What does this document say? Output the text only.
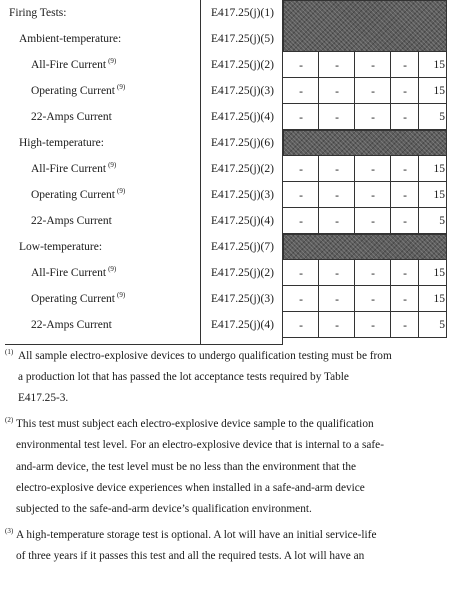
Firing Tests:	E417.25(j)(1)
Ambient-temperature:	E417.25(j)(5)
All-Fire Current $^{(9)}$	E417.25(j)(2)	-	-	-	-	15
Operating Current $^{(9)}$	E417.25(j)(3)	-	-	-	-	15
22-Amps Current	E417.25(j)(4)	-	-	-	-	5
High-temperature:	E417.25(j)(6)
All-Fire Current $^{(9)}$	E417.25(j)(2)	-	-	-	-	15
Operating Current $^{(9)}$	E417.25(j)(3)	-	-	-	-	15
22-Amps Current	E417.25(j)(4)	-	-	-	-	5
Low-temperature:	E417.25(j)(7)
All-Fire Current $^{(9)}$	E417.25(j)(2)	-	-	-	-	15
Operating Current $^{(9)}$	E417.25(j)(3)	-	-	-	-	15
22-Amps Current	E417.25(j)(4)	-	-	-	-	5
(1) All sample electro-explosive devices to undergo qualification testing must be from
a production lot that has passed the lot acceptance tests required by Table
E417.25-3.
(2) This test must subject each electro-explosive device sample to the qualification
environmental test level. For an electro-explosive device that is internal to a safe-
and-arm device, the test level must be no less than the environment that the
electro-explosive device experiences when installed in a safe-and-arm device
subjected to the safe-and-arm device’s qualification environment.
(3) A high-temperature storage test is optional. A lot will have an initial service-life
of three years if it passes this test and all the required tests. A lot will have an
